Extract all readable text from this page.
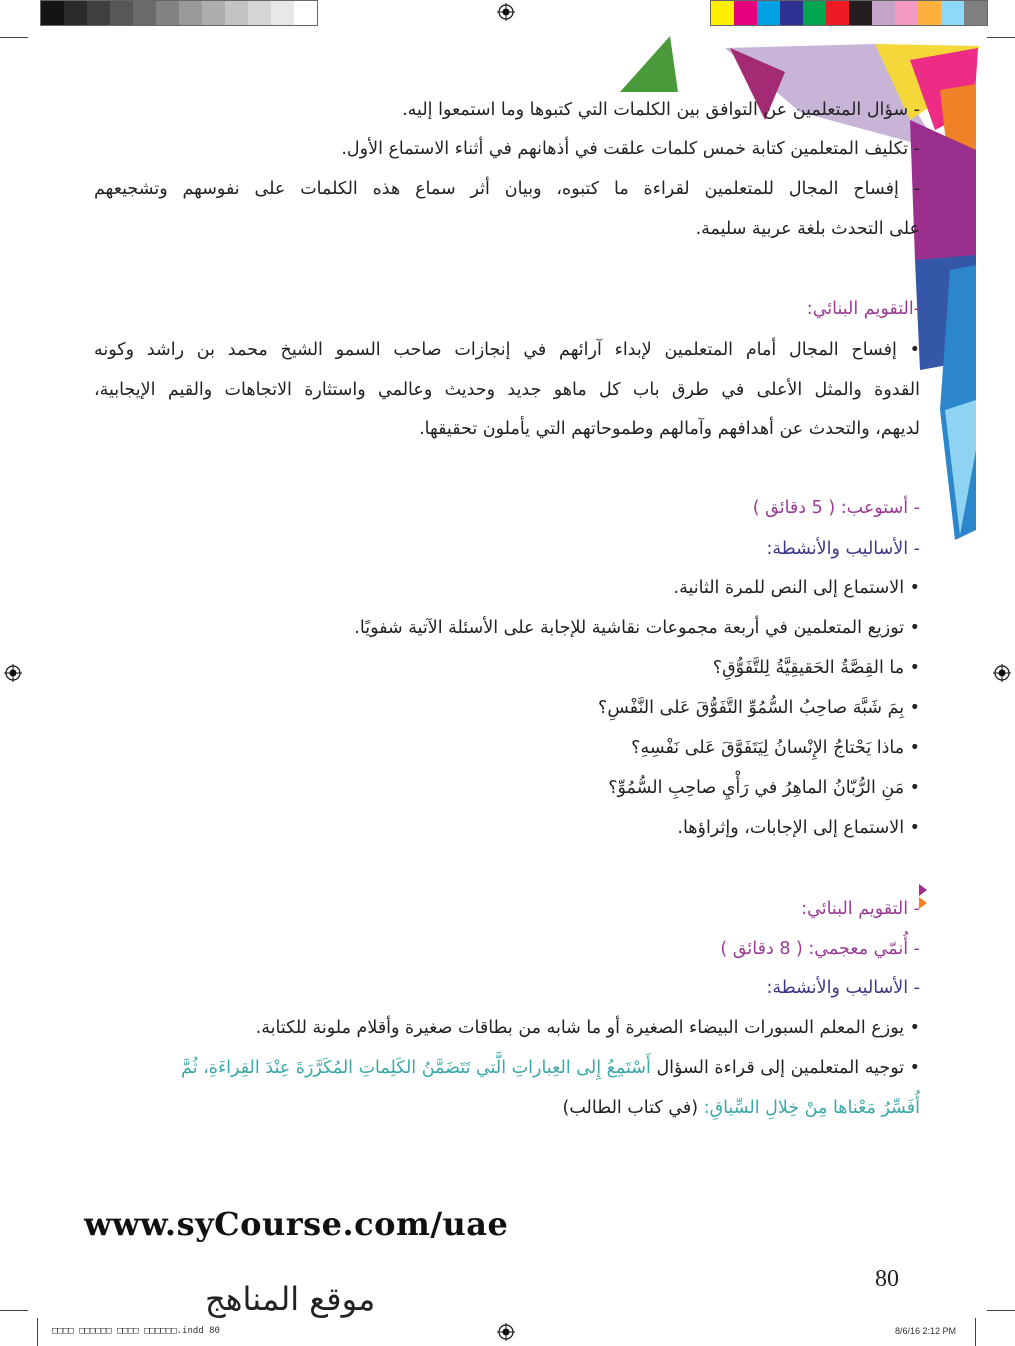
- سؤال المتعلمين عن التوافق بين الكلمات التي كتبوها وما استمعوا إليه.
- تكليف المتعلمين كتابة خمس كلمات علقت في أذهانهم في أثناء الاستماع الأول.
- إفساح المجال للمتعلمين لقراءة ما كتبوه، وبيان أثر سماع هذه الكلمات على نفوسهم وتشجيعهم
على التحدث بلغة عربية سليمة.
-التقويم البنائي:
• إفساح المجال أمام المتعلمين لإبداء آرائهم في إنجازات صاحب السمو الشيخ محمد بن راشد وكونه
القدوة والمثل الأعلى في طرق باب كل ماهو جديد وحديث وعالمي واستثارة الاتجاهات والقيم الإيجابية،
لديهم، والتحدث عن أهدافهم وآمالهم وطموحاتهم التي يأملون تحقيقها.
- أستوعب: ( 5 دقائق )
- الأساليب والأنشطة:
• الاستماع إلى النص للمرة الثانية.
• توزيع المتعلمين في أربعة مجموعات نقاشية للإجابة على الأسئلة الآتية شفويًا.
• ما القِصَّةُ الحَقيقِيَّةُ لِلتَّفَوُّقِ؟
• بِمَ شَبَّهَ صاحِبُ السُّمُوِّ التَّفَوُّقَ عَلى النَّفْسِ؟
• ماذا يَحْتاجُ الإِنْسانُ لِيَتَفَوَّقَ عَلى نَفْسِهِ؟
• مَنِ الرُّبّانُ الماهِرُ في رَأْيِ صاحِبِ السُّمُوِّ؟
• الاستماع إلى الإجابات، وإثراؤها.
- التقويم البنائي:
- أُنمّي معجمي: ( 8 دقائق )
- الأساليب والأنشطة:
• يوزع المعلم السبورات البيضاء الصغيرة أو ما شابه من بطاقات صغيرة وأقلام ملونة للكتابة.
• توجيه المتعلمين إلى قراءة السؤال أَسْتَمِعُ إِلى العِباراتِ الَّتي تَتَضَمَّنُ الكَلِماتِ المُكَرَّرَةَ عِنْدَ القِراءَةِ، ثُمَّ
أُفَسِّرُ مَعْناها مِنْ خِلالِ السِّياقِ: (في كتاب الطالب)
www.syCourse.com/uae
80
موقع المناهج
□□□□ □□□□□□ □□□□ □□□□□□.indd 80	8/6/16 2:12 PM
